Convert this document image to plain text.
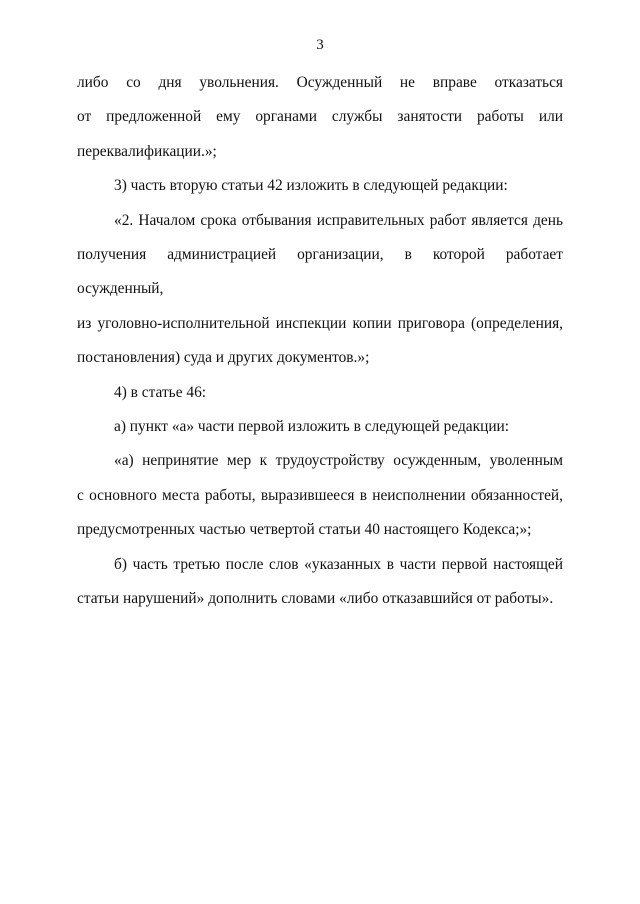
3
либо со дня увольнения. Осужденный не вправе отказаться
от предложенной ему органами службы занятости работы или
переквалификации.»;
3) часть вторую статьи 42 изложить в следующей редакции:
«2. Началом срока отбывания исправительных работ является день
получения администрацией организации, в которой работает осужденный,
из уголовно-исполнительной инспекции копии приговора (определения,
постановления) суда и других документов.»;
4) в статье 46:
а) пункт «а» части первой изложить в следующей редакции:
«а) непринятие мер к трудоустройству осужденным, уволенным
с основного места работы, выразившееся в неисполнении обязанностей,
предусмотренных частью четвертой статьи 40 настоящего Кодекса;»;
б) часть третью после слов «указанных в части первой настоящей
статьи нарушений» дополнить словами «либо отказавшийся от работы».
